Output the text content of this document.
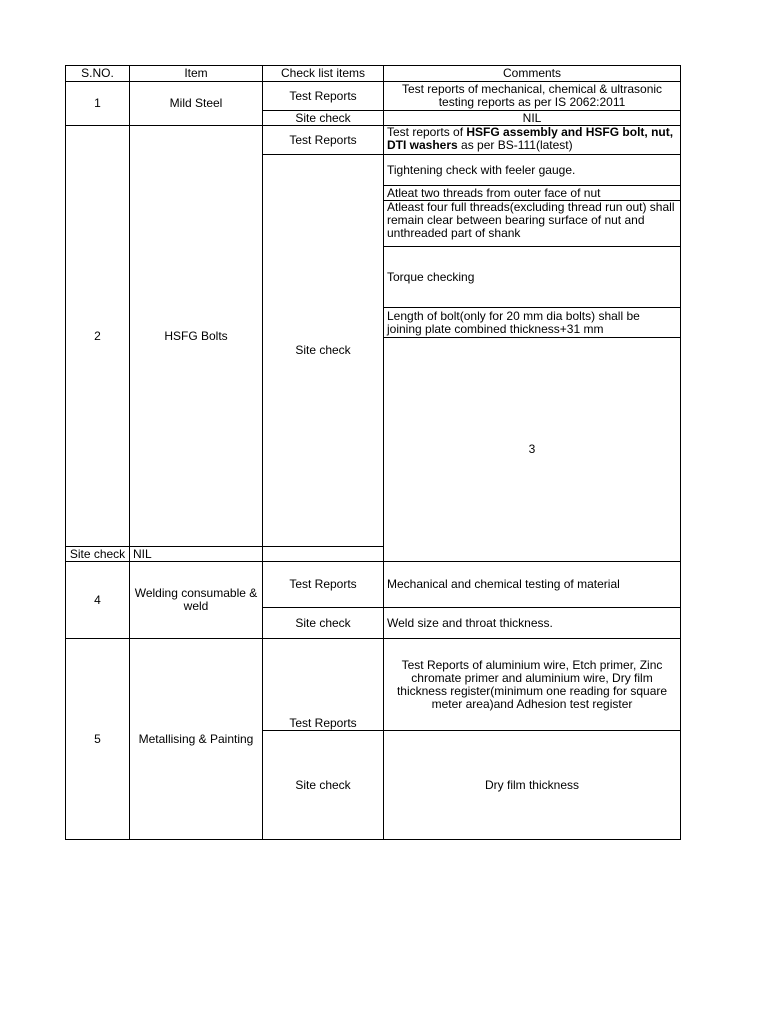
S.NO.	Item	Check list items	Comments	
1	Mild Steel	Test Reports	Test reports of mechanical, chemical & ultrasonic testing reports as per IS 2062:2011	
		Site check	NIL	
2	HSFG Bolts	Test Reports	Test reports of HSFG assembly and HSFG bolt, nut, DTI washers as per BS-111(latest)	
		Site check	Tightening check with feeler gauge.	
			Atleat two threads from outer face of nut	
			Atleast four full threads(excluding thread run out) shall remain clear between bearing surface of nut and unthreaded part of shank	
			Torque checking	
			Length of bolt(only for 20 mm dia bolts) shall be joining plate combined thickness+31 mm	
			3			
Site check	NIL			
4	Welding consumable & weld	Test Reports	Mechanical and chemical testing of material	
		Site check	Weld size and throat thickness.	
5	Metallising & Painting	Test Reports	Test Reports of aluminium wire, Etch primer, Zinc chromate primer and aluminium wire, Dry film thickness register(minimum one reading for square meter area)and Adhesion test register	
		Site check	Dry film thickness	
